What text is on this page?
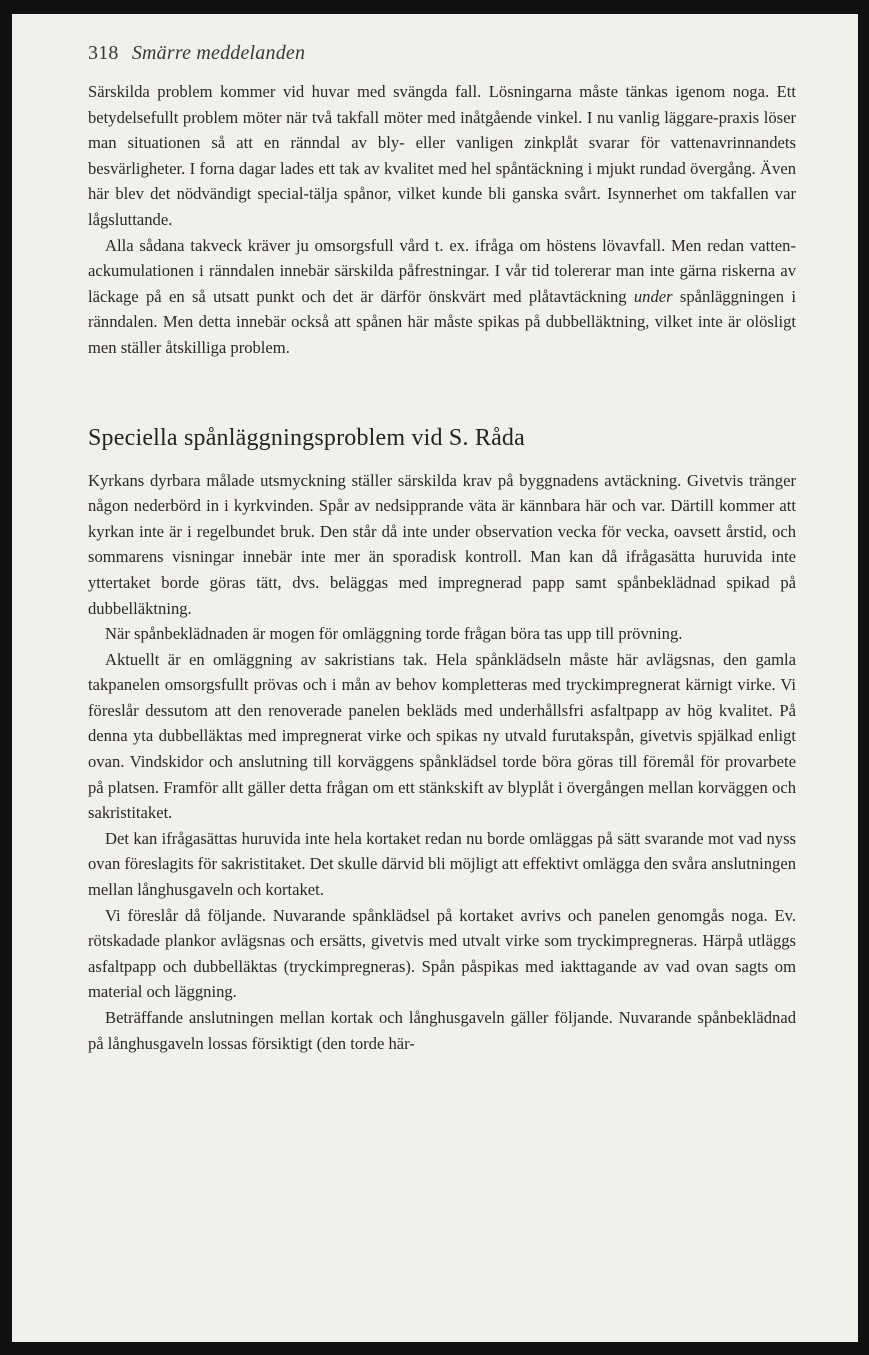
318 Smärre meddelanden

Särskilda problem kommer vid huvar med svängda fall. Lösningarna måste tänkas igenom noga. Ett betydelsefullt problem möter när två takfall möter med inåtgående vinkel. I nu vanlig läggare-praxis löser man situationen så att en ränndal av bly- eller vanligen zinkplåt svarar för vattenavrinnandets besvärligheter. I forna dagar lades ett tak av kvalitet med hel spåntäckning i mjukt rundad övergång. Även här blev det nödvändigt special-tälja spånor, vilket kunde bli ganska svårt. Isynnerhet om takfallen var lågsluttande.

Alla sådana takveck kräver ju omsorgsfull vård t. ex. ifråga om höstens lövavfall. Men redan vatten-ackumulationen i ränndalen innebär särskilda påfrestningar. I vår tid tolererar man inte gärna riskerna av läckage på en så utsatt punkt och det är därför önskvärt med plåtavtäckning under spånläggningen i ränndalen. Men detta innebär också att spånen här måste spikas på dubbelläktning, vilket inte är olösligt men ställer åtskilliga problem.

Speciella spånläggningsproblem vid S. Råda

Kyrkans dyrbara målade utsmyckning ställer särskilda krav på byggnadens avtäckning. Givetvis tränger någon nederbörd in i kyrkvinden. Spår av nedsipprande väta är kännbara här och var. Därtill kommer att kyrkan inte är i regelbundet bruk. Den står då inte under observation vecka för vecka, oavsett årstid, och sommarens visningar innebär inte mer än sporadisk kontroll. Man kan då ifrågasätta huruvida inte yttertaket borde göras tätt, dvs. beläggas med impregnerad papp samt spånbeklädnad spikad på dubbelläktning.

När spånbeklädnaden är mogen för omläggning torde frågan böra tas upp till prövning.

Aktuellt är en omläggning av sakristians tak. Hela spånklädseln måste här avlägsnas, den gamla takpanelen omsorgsfullt prövas och i mån av behov kompletteras med tryckimpregnerat kärnigt virke. Vi föreslår dessutom att den renoverade panelen bekläds med underhållsfri asfaltpapp av hög kvalitet. På denna yta dubbelläktas med impregnerat virke och spikas ny utvald furutakspån, givetvis spjälkad enligt ovan. Vindskidor och anslutning till korväggens spånklädsel torde böra göras till föremål för provarbete på platsen. Framför allt gäller detta frågan om ett stänkskift av blyplåt i övergången mellan korväggen och sakristitaket.

Det kan ifrågasättas huruvida inte hela kortaket redan nu borde omläggas på sätt svarande mot vad nyss ovan föreslagits för sakristitaket. Det skulle därvid bli möjligt att effektivt omlägga den svåra anslutningen mellan långhusgaveln och kortaket.

Vi föreslår då följande. Nuvarande spånklädsel på kortaket avrivs och panelen genomgås noga. Ev. rötskadade plankor avlägsnas och ersätts, givetvis med utvalt virke som tryckimpregneras. Härpå utläggs asfaltpapp och dubbelläktas (tryckimpregneras). Spån påspikas med iakttagande av vad ovan sagts om material och läggning.

Beträffande anslutningen mellan kortak och långhusgaveln gäller följande. Nuvarande spånbeklädnad på långhusgaveln lossas försiktigt (den torde här-
